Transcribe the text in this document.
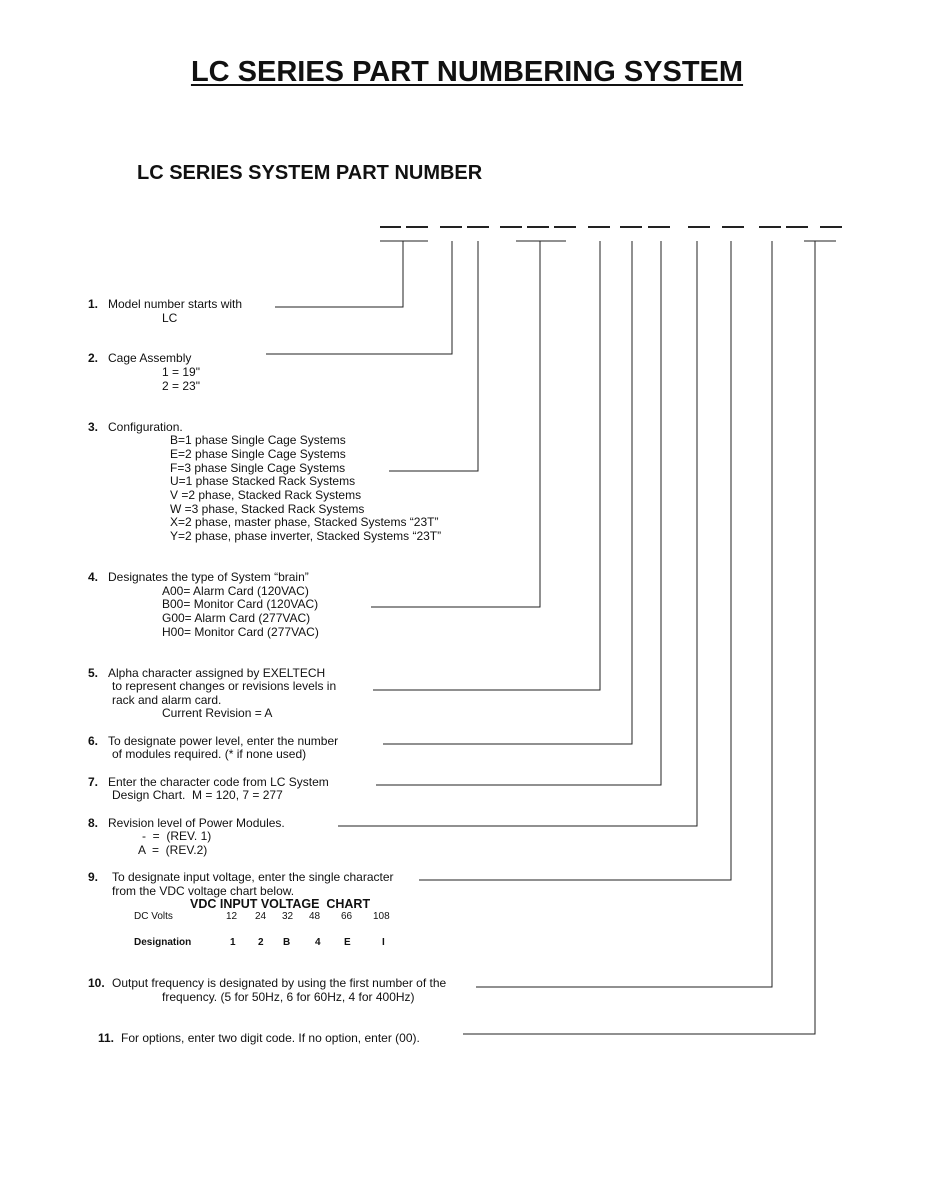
LC SERIES PART NUMBERING SYSTEM
LC SERIES SYSTEM PART NUMBER
1. Model number starts with
LC
2. Cage Assembly
1 = 19"
2 = 23"
3. Configuration.
B=1 phase Single Cage Systems
E=2 phase Single Cage Systems
F=3 phase Single Cage Systems
U=1 phase Stacked Rack Systems
V =2 phase, Stacked Rack Systems
W =3 phase, Stacked Rack Systems
X=2 phase, master phase, Stacked Systems “23T”
Y=2 phase, phase inverter, Stacked Systems “23T”
4. Designates the type of System “brain”
A00= Alarm Card (120VAC)
B00= Monitor Card (120VAC)
G00= Alarm Card (277VAC)
H00= Monitor Card (277VAC)
5. Alpha character assigned by EXELTECH
to represent changes or revisions levels in
rack and alarm card.
Current Revision = A
6. To designate power level, enter the number
of modules required. (* if none used)
7. Enter the character code from LC System
Design Chart.  M = 120, 7 = 277
8. Revision level of Power Modules.
-  =  (REV. 1)
A  =  (REV.2)
9. To designate input voltage, enter the single character
from the VDC voltage chart below.
VDC INPUT VOLTAGE  CHART
DC Volts	12 24 32 48 66 108
Designation	1 2 B 4 E	I
10. Output frequency is designated by using the first number of the
frequency. (5 for 50Hz, 6 for 60Hz, 4 for 400Hz)
11. For options, enter two digit code. If no option, enter (00).
